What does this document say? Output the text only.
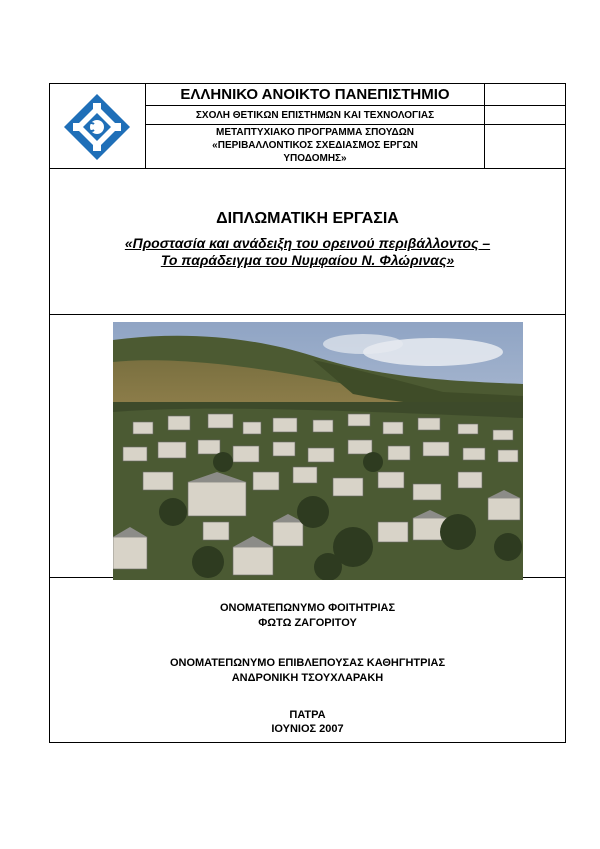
ΕΛΛΗΝΙΚΟ ΑΝΟΙΚΤΟ ΠΑΝΕΠΙΣΤΗΜΙΟ
ΣΧΟΛΗ ΘΕΤΙΚΩΝ ΕΠΙΣΤΗΜΩΝ ΚΑΙ ΤΕΧΝΟΛΟΓΙΑΣ
ΜΕΤΑΠΤΥΧΙΑΚΟ ΠΡΟΓΡΑΜΜΑ ΣΠΟΥΔΩΝ
«ΠΕΡΙΒΑΛΛΟΝΤΙΚΟΣ ΣΧΕΔΙΑΣΜΟΣ ΕΡΓΩΝ
ΥΠΟΔΟΜΗΣ»
ΔΙΠΛΩΜΑΤΙΚΗ ΕΡΓΑΣΙΑ
«Προστασία και ανάδειξη του ορεινού περιβάλλοντος –
Το παράδειγμα του Νυμφαίου Ν. Φλώρινας»
ΟΝΟΜΑΤΕΠΩΝΥΜΟ ΦΟΙΤΗΤΡΙΑΣ
ΦΩΤΩ ΖΑΓΟΡΙΤΟΥ
ΟΝΟΜΑΤΕΠΩΝΥΜΟ ΕΠΙΒΛΕΠΟΥΣΑΣ ΚΑΘΗΓΗΤΡΙΑΣ
ΑΝΔΡΟΝΙΚΗ ΤΣΟΥΧΛΑΡΑΚΗ
ΠΑΤΡΑ
ΙΟΥΝΙΟΣ 2007
